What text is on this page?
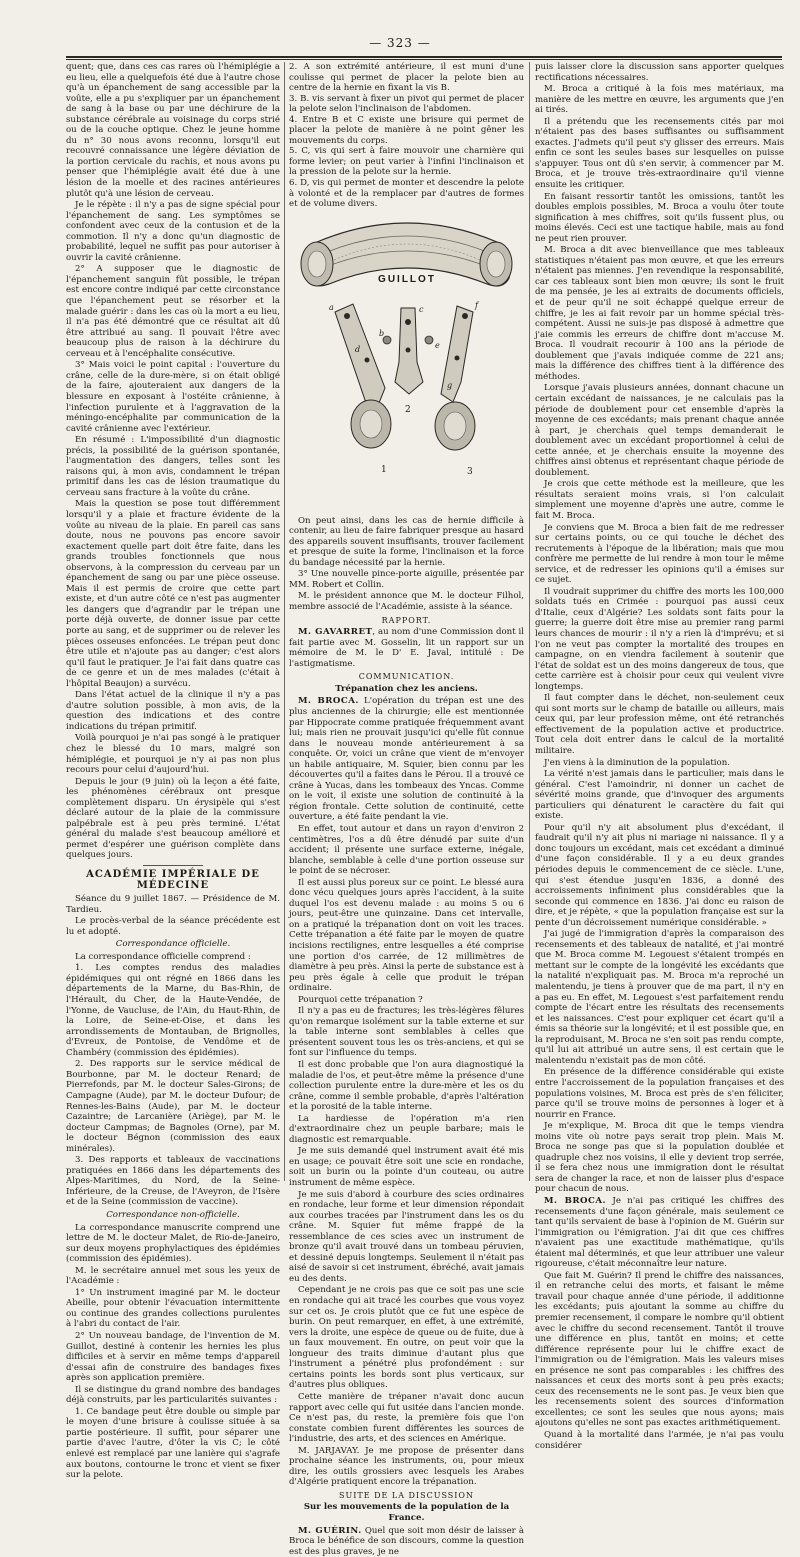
— 323 —

quent; que, dans ces cas rares où l'hémiplégie a eu lieu, elle a quelquefois été due à l'autre chose qu'à un épanchement de sang accessible par la voûte, elle a pu s'expliquer par un épanchement de sang à la base ou par une déchirure de la substance cérébrale au voisinage du corps strié ou de la couche optique. Chez le jeune homme du n° 30 nous avons reconnu, lorsqu'il eut recouvré connaissance une légère déviation de la portion cervicale du rachis, et nous avons pu penser que l'hémiplégie avait été due à une lésion de la moelle et des racines antérieures plutôt qu'à une lésion de cerveau.

Je le répète : il n'y a pas de signe spécial pour l'épanchement de sang. Les symptômes se confondent avec ceux de la contusion et de la commotion. Il n'y a donc qu'un diagnostic de probabilité, lequel ne suffit pas pour autoriser à ouvrir la cavité crânienne.

2° A supposer que le diagnostic de l'épanchement sanguin fût possible, le trépan est encore contre indiqué par cette circonstance que l'épanchement peut se résorber et la malade guérir : dans les cas où la mort a eu lieu, il n'a pas été démontré que ce résultat ait dû être attribué au sang. Il pouvait l'être avec beaucoup plus de raison à la déchirure du cerveau et à l'encéphalite consécutive.

3° Mais voici le point capital : l'ouverture du crâne, celle de la dure-mère, si on était obligé de la faire, ajouteraient aux dangers de la blessure en exposant à l'ostéite crânienne, à l'infection purulente et à l'aggravation de la méningo-encéphalite par communication de la cavité crânienne avec l'extérieur.

En résumé : L'impossibilité d'un diagnostic précis, la possibilité de la guérison spontanée, l'augmentation des dangers, telles sont les raisons qui, à mon avis, condamnent le trépan primitif dans les cas de lésion traumatique du cerveau sans fracture à la voûte du crâne.

Mais la question se pose tout différemment lorsqu'il y a plaie et fracture évidente de la voûte au niveau de la plaie. En pareil cas sans doute, nous ne pouvons pas encore savoir exactement quelle part doit être faite, dans les grands troubles fonctionnels que nous observons, à la compression du cerveau par un épanchement de sang ou par une pièce osseuse. Mais il est permis de croire que cette part existe, et d'un autre côté ce n'est pas augmenter les dangers que d'agrandir par le trépan une porte déjà ouverte, de donner issue par cette porte au sang, et de supprimer ou de relever les pièces osseuses enfoncées. Le trépan peut donc être utile et n'ajoute pas au danger; c'est alors qu'il faut le pratiquer. Je l'ai fait dans quatre cas de ce genre et un de mes malades (c'était à l'hôpital Beaujon) a survécu.

Dans l'état actuel de la clinique il n'y a pas d'autre solution possible, à mon avis, de la question des indications et des contre indications du trépan primitif.

Voilà pourquoi je n'ai pas songé à le pratiquer chez le blessé du 10 mars, malgré son hémiplégie, et pourquoi je n'y ai pas non plus recours pour celui d'aujourd'hui.

Depuis le jour (9 juin) où la leçon a été faite, les phénomènes cérébraux ont presque complètement disparu. Un érysipèle qui s'est déclaré autour de la plaie de la commissure palpébrale est à peu près terminé. L'état général du malade s'est beaucoup amélioré et permet d'espérer une guérison complète dans quelques jours.

ACADÉMIE IMPÉRIALE DE MÉDECINE

Séance du 9 juillet 1867. — Présidence de M. Tardieu.

Le procès-verbal de la séance précédente est lu et adopté.

Correspondance officielle.

La correspondance officielle comprend :

1. Les comptes rendus des maladies épidémiques qui ont régné en 1866 dans les départements de la Marne, du Bas-Rhin, de l'Hérault, du Cher, de la Haute-Vendée, de l'Yonne, de Vaucluse, de l'Ain, du Haut-Rhin, de la Loire, de Seine-et-Oise, et dans les arrondissements de Montauban, de Brignolles, d'Evreux, de Pontoise, de Vendôme et de Chambéry (commission des épidémies).

2. Des rapports sur le service médical de Bourbonne, par M. le docteur Renard; de Pierrefonds, par M. le docteur Sales-Girons; de Campagne (Aude), par M. le docteur Dufour; de Rennes-les-Bains (Aude), par M. le docteur Cazaintre; de Larcanière (Ariège), par M. le docteur Campmas; de Bagnoles (Orne), par M. le docteur Bégnon (commission des eaux minérales).

3. Des rapports et tableaux de vaccinations pratiquées en 1866 dans les départements des Alpes-Maritimes, du Nord, de la Seine-Inférieure, de la Creuse, de l'Aveyron, de l'Isère et de la Seine (commission de vaccine).

Correspondance non-officielle.

La correspondance manuscrite comprend une lettre de M. le docteur Malet, de Rio-de-Janeiro, sur deux moyens prophylactiques des épidémies (commission des épidémies).

M. le secrétaire annuel met sous les yeux de l'Académie :

1° Un instrument imaginé par M. le docteur Abeille, pour obtenir l'évacuation intermittente ou continue des grandes collections purulentes à l'abri du contact de l'air.

2° Un nouveau bandage, de l'invention de M. Guillot, destiné à contenir les hernies les plus difficiles et à servir en même temps d'appareil d'essai afin de construire des bandages fixes après son application première.

Il se distingue du grand nombre des bandages déjà construits, par les particularités suivantes :

1. Ce bandage peut être double ou simple par le moyen d'une brisure à coulisse située à sa partie postérieure. Il suffit, pour séparer une partie d'avec l'autre, d'ôter la vis C; le côté enlevé est remplacé par une lanière qui s'agrafe aux boutons, contourne le tronc et vient se fixer sur la pelote.

2. A son extrémité antérieure, il est muni d'une coulisse qui permet de placer la pelote bien au centre de la hernie en fixant la vis B.
3. B. vis servant à fixer un pivot qui permet de placer la pelote selon l'inclinaison de l'abdomen.
4. Entre B et C existe une brisure qui permet de placer la pelote de manière à ne point gêner les mouvements du corps.
5. C, vis qui sert à faire mouvoir une charnière qui forme levier; on peut varier à l'infini l'inclinaison et la pression de la pelote sur la hernie.
6. D, vis qui permet de monter et descendre la pelote à volonté et de la remplacer par d'autres de formes et de volume divers.

GUILLOT
1
2
3
a
b
c
d	e
f
g

On peut ainsi, dans les cas de hernie difficile à contenir, au lieu de faire fabriquer presque au hasard des appareils souvent insuffisants, trouver facilement et presque de suite la forme, l'inclinaison et la force du bandage nécessité par la hernie.

3° Une nouvelle pince-porte aiguille, présentée par MM. Robert et Collin.

M. le président annonce que M. le docteur Filhol, membre associé de l'Académie, assiste à la séance.

RAPPORT.

M. GAVARRET, au nom d'une Commission dont il fait partie avec M. Gosselin, lit un rapport sur un mémoire de M. le D' E. Javal, intitulé : De l'astigmatisme.

COMMUNICATION.
Trépanation chez les anciens.

M. BROCA. L'opération du trépan est une des plus anciennes de la chirurgie; elle est mentionnée par Hippocrate comme pratiquée fréquemment avant lui; mais rien ne prouvait jusqu'ici qu'elle fût connue dans le nouveau monde antérieurement à sa conquête. Or, voici un crâne que vient de m'envoyer un habile antiquaire, M. Squier, bien connu par les découvertes qu'il a faites dans le Pérou. Il a trouvé ce crâne à Yucas, dans les tombeaux des Yncas. Comme on le voit, il existe une solution de continuité à la région frontale. Cette solution de continuité, cette ouverture, a été faite pendant la vie.

En effet, tout autour et dans un rayon d'environ 2 centimètres, l'os a dû être dénudé par suite d'un accident; il présente une surface externe, inégale, blanche, semblable à celle d'une portion osseuse sur le point de se nécroser.

Il est aussi plus poreux sur ce point. Le blessé aura donc vécu quelques jours après l'accident, à la suite duquel l'os est devenu malade : au moins 5 ou 6 jours, peut-être une quinzaine. Dans cet intervalle, on a pratiqué la trépanation dont on voit les traces. Cette trépanation a été faite par le moyen de quatre incisions rectilignes, entre lesquelles a été comprise une portion d'os carrée, de 12 millimètres de diamètre à peu près. Ainsi la perte de substance est à peu près égale à celle que produit le trépan ordinaire.

Pourquoi cette trépanation ?

Il n'y a pas eu de fractures; les très-légères fêlures qu'on remarque isolément sur la table externe et sur la table interne sont semblables à celles que présentent souvent tous les os très-anciens, et qui se font sur l'influence du temps.

Il est donc probable que l'on aura diagnostiqué la maladie de l'os, et peut-être même la présence d'une collection purulente entre la dure-mère et les os du crâne, comme il semble probable, d'après l'altération et la porosité de la table interne.

La hardiesse de l'opération m'a rien d'extraordinaire chez un peuple barbare; mais le diagnostic est remarquable.

Je me suis demandé quel instrument avait été mis en usage; ce pouvait être soit une scie en rondache, soit un burin ou la pointe d'un couteau, ou autre instrument de même espèce.

Je me suis d'abord à courbure des scies ordinaires en rondache, leur forme et leur dimension répondait aux courbes tracées par l'instrument dans les os du crâne. M. Squier fut même frappé de la ressemblance de ces scies avec un instrument de bronze qu'il avait trouvé dans un tombeau péruvien, et dessiné depuis longtemps. Seulement il n'était pas aisé de savoir si cet instrument, ébréché, avait jamais eu des dents.

Cependant je ne crois pas que ce soit pas une scie en rondache qui ait tracé les courbes que vous voyez sur cet os. Je crois plutôt que ce fut une espèce de burin. On peut remarquer, en effet, à une extrémité, vers la droite, une espèce de queue ou de fuite, due à un faux mouvement. En outre, on peut voir que la longueur des traits diminue d'autant plus que l'instrument a pénétré plus profondément : sur certains points les bords sont plus verticaux, sur d'autres plus obliques.

Cette manière de trépaner n'avait donc aucun rapport avec celle qui fut usitée dans l'ancien monde. Ce n'est pas, du reste, la première fois que l'on constate combien furent différentes les sources de l'industrie, des arts, et des sciences en Amérique.

M. JARJAVAY. Je me propose de présenter dans prochaine séance les instruments, ou, pour mieux dire, les outils grossiers avec lesquels les Arabes d'Algérie pratiquent encore la trépanation.

SUITE DE LA DISCUSSION
Sur les mouvements de la population de la France.

M. GUÉRIN. Quel que soit mon désir de laisser à Broca le bénéfice de son discours, comme la question est des plus graves, je ne

puis laisser clore la discussion sans apporter quelques rectifications nécessaires.

M. Broca a critiqué à la fois mes matériaux, ma manière de les mettre en œuvre, les arguments que j'en ai tirés.

Il a prétendu que les recensements cités par moi n'étaient pas des bases suffisantes ou suffisamment exactes. J'admets qu'il peut s'y glisser des erreurs. Mais enfin ce sont les seules bases sur lesquelles on puisse s'appuyer. Tous ont dû s'en servir, à commencer par M. Broca, et je trouve très-extraordinaire qu'il vienne ensuite les critiquer.

En faisant ressortir tantôt les omissions, tantôt les doubles emplois possibles, M. Broca a voulu ôter toute signification à mes chiffres, soit qu'ils fussent plus, ou moins élevés. Ceci est une tactique habile, mais au fond ne peut rien prouver.

M. Broca a dit avec bienveillance que mes tableaux statistiques n'étaient pas mon œuvre, et que les erreurs n'étaient pas miennes. J'en revendique la responsabilité, car ces tableaux sont bien mon œuvre; ils sont le fruit de ma pensée, je les ai extraits de documents officiels, et de peur qu'il ne soit échappé quelque erreur de chiffre, je les ai fait revoir par un homme spécial très-compétent. Aussi ne suis-je pas disposé à admettre que j'aie commis les erreurs de chiffre dont m'accuse M. Broca. Il voudrait recourir à 100 ans la période de doublement que j'avais indiquée comme de 221 ans; mais la différence des chiffres tient à la différence des méthodes.

Lorsque j'avais plusieurs années, donnant chacune un certain excédant de naissances, je ne calculais pas la période de doublement pour cet ensemble d'après la moyenne de ces excédants; mais prenant chaque année à part, je cherchais quel temps demanderait le doublement avec un excédant proportionnel à celui de cette année, et je cherchais ensuite la moyenne des chiffres ainsi obtenus et représentant chaque période de doublement.

Je crois que cette méthode est la meilleure, que les résultats seraient moins vrais, si l'on calculait simplement une moyenne d'après une autre, comme le fait M. Broca.

Je conviens que M. Broca a bien fait de me redresser sur certains points, ou ce qui touche le déchet des recrutements à l'époque de la libération; mais que mou confrère me permette de lui rendre à mon tour le même service, et de redresser les opinions qu'il a émises sur ce sujet.

Il voudrait supprimer du chiffre des morts les 100,000 soldats tués en Crimée : pourquoi pas aussi ceux d'Italie, ceux d'Algérie? Les soldats sont faits pour la guerre; la guerre doit être mise au premier rang parmi leurs chances de mourir : il n'y a rien là d'imprévu; et si l'on ne veut pas compter la mortalité des troupes en campagne, on en viendra facilement à soutenir que l'état de soldat est un des moins dangereux de tous, que cette carrière est à choisir pour ceux qui veulent vivre longtemps.

Il faut compter dans le déchet, non-seulement ceux qui sont morts sur le champ de bataille ou ailleurs, mais ceux qui, par leur profession même, ont été retranchés effectivement de la population active et productrice. Tout cela doit entrer dans le calcul de la mortalité militaire.

J'en viens à la diminution de la population.

La vérité n'est jamais dans le particulier, mais dans le général. C'est l'amoindrir, ni donner un cachet de sévérité moins grande, que d'invoquer des arguments particuliers qui dénaturent le caractère du fait qui existe.

Pour qu'il n'y ait absolument plus d'excédant, il faudrait qu'il n'y ait plus ni mariage ni naissance. Il y a donc toujours un excédant, mais cet excédant a diminué d'une façon considérable. Il y a eu deux grandes périodes depuis le commencement de ce siècle. L'une, qui s'est étendue jusqu'en 1836, a donné des accroissements infiniment plus considérables que la seconde qui commence en 1836. J'ai donc eu raison de dire, et je répète, « que la population française est sur la pente d'un décroissement numérique considérable. »

J'ai jugé de l'immigration d'après la comparaison des recensements et des tableaux de natalité, et j'ai montré que M. Broca comme M. Legouest s'étaient trompés en mettant sur le compte de la longévité les excédants que la natalité n'expliquait pas. M. Broca m'a reproché un malentendu, je tiens à prouver que de ma part, il n'y en a pas eu. En effet, M. Legouest s'est parfaitement rendu compte de l'écart entre les résultats des recensements et les naissances. C'est pour expliquer cet écart qu'il a émis sa théorie sur la longévité; et il est possible que, en la reproduisant, M. Broca ne s'en soit pas rendu compte, qu'il lui ait attribué un autre sens, il est certain que le malentendu n'existait pas de mon côté.

En présence de la différence considérable qui existe entre l'accroissement de la population françaises et des populations voisines, M. Broca est près de s'en féliciter, parce qu'il se trouve moins de personnes à loger et à nourrir en France.

Je m'explique, M. Broca dit que le temps viendra moins vite où notre pays serait trop plein. Mais M. Broca ne songe pas que si la population doublée et quadruple chez nos voisins, il elle y devient trop serrée, il se fera chez nous une immigration dont le résultat sera de changer la race, et non de laisser plus d'espace pour chacun de nous.

M. BROCA. Je n'ai pas critiqué les chiffres des recensements d'une façon générale, mais seulement ce tant qu'ils servaient de base à l'opinion de M. Guérin sur l'immigration ou l'émigration. J'ai dit que ces chiffres n'avaient pas une exactitude mathématique, qu'ils étaient mal déterminés, et que leur attribuer une valeur rigoureuse, c'était méconnaître leur nature.

Que fait M. Guérin? Il prend le chiffre des naissances, il en retranche celui des morts, et faisant le même travail pour chaque année d'une période, il additionne les excédants; puis ajoutant la somme au chiffre du premier recensement, il compare le nombre qu'il obtient avec le chiffre du second recensement. Tantôt il trouve une différence en plus, tantôt en moins; et cette différence représente pour lui le chiffre exact de l'immigration ou de l'émigration. Mais les valeurs mises en présence ne sont pas comparables : les chiffres des naissances et ceux des morts sont à peu près exacts; ceux des recensements ne le sont pas. Je veux bien que les recensements soient des sources d'information excellentes; ce sont les seules que nous ayons; mais ajoutons qu'elles ne sont pas exactes arithmétiquement.

Quand à la mortalité dans l'armée, je n'ai pas voulu considérer
